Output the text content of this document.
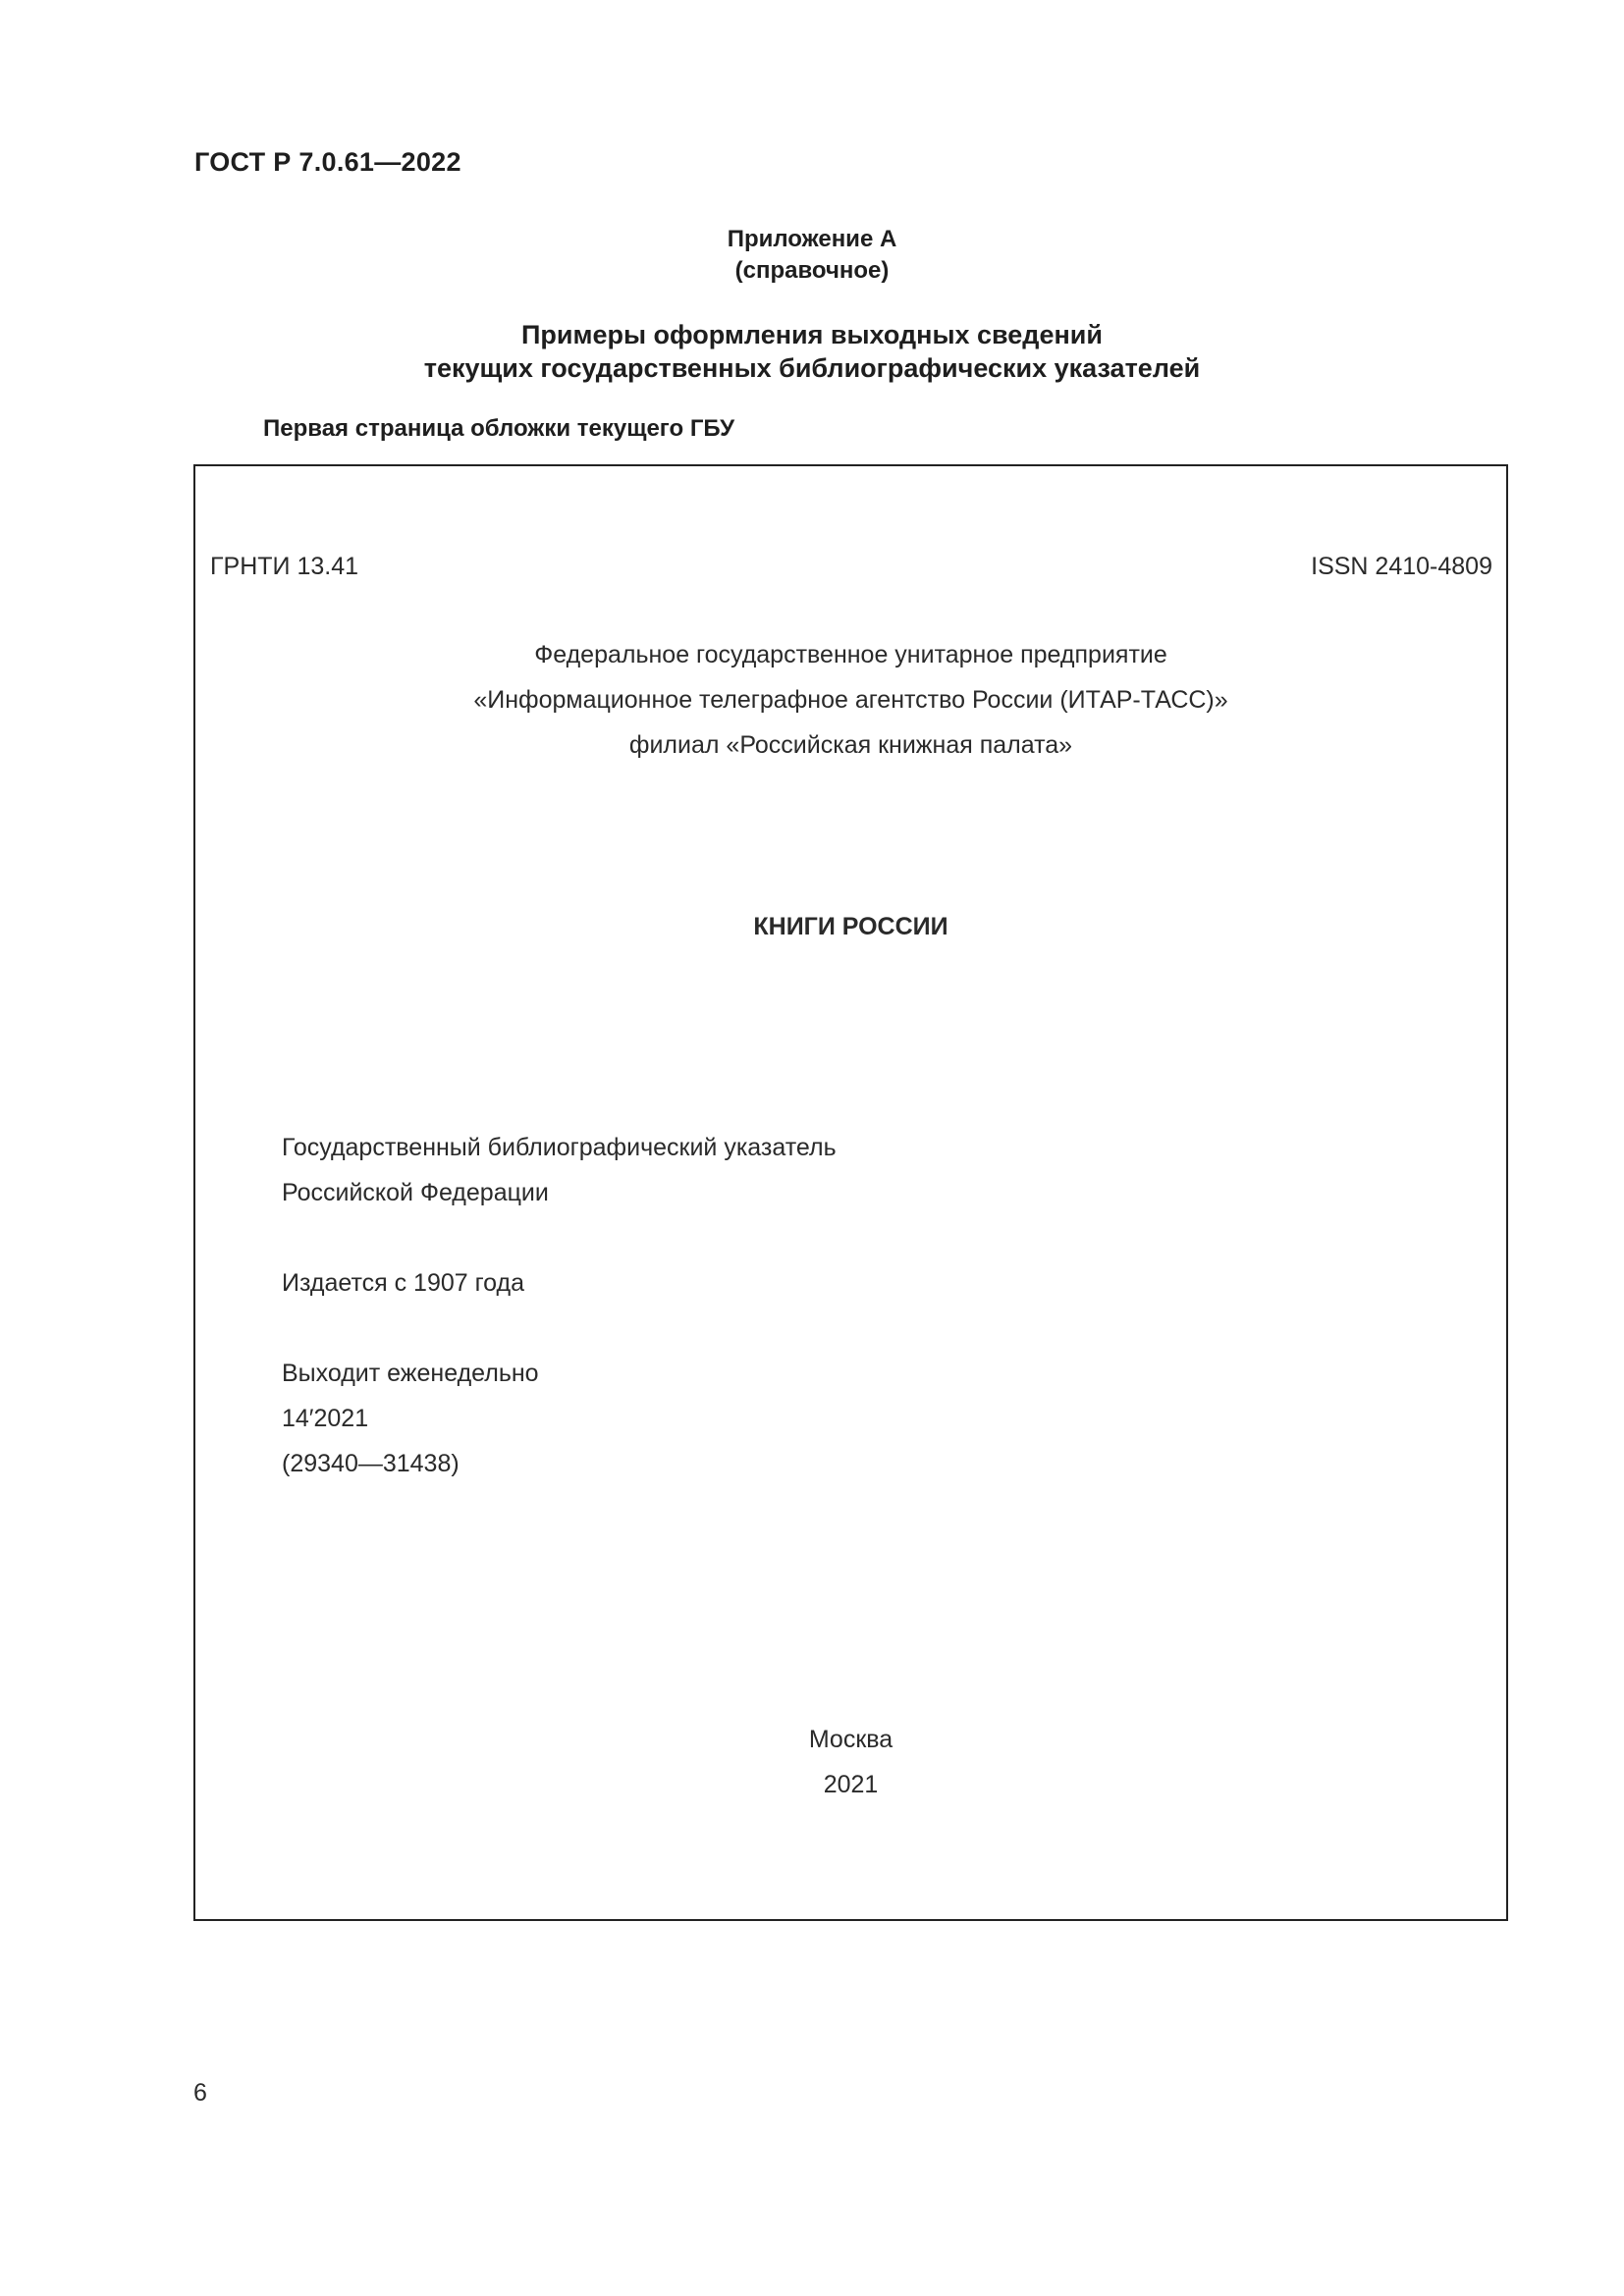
ГОСТ Р 7.0.61—2022
Приложение А
(справочное)
Примеры оформления выходных сведений
текущих государственных библиографических указателей
Первая страница обложки текущего ГБУ
ГРНТИ 13.41	ISSN 2410-4809
Федеральное государственное унитарное предприятие
«Информационное телеграфное агентство России (ИТАР-ТАСС)»
филиал «Российская книжная палата»
КНИГИ РОССИИ
Государственный библиографический указатель
Российской Федерации
Издается с 1907 года
Выходит еженедельно
14′2021
(29340—31438)
Москва
2021
6
